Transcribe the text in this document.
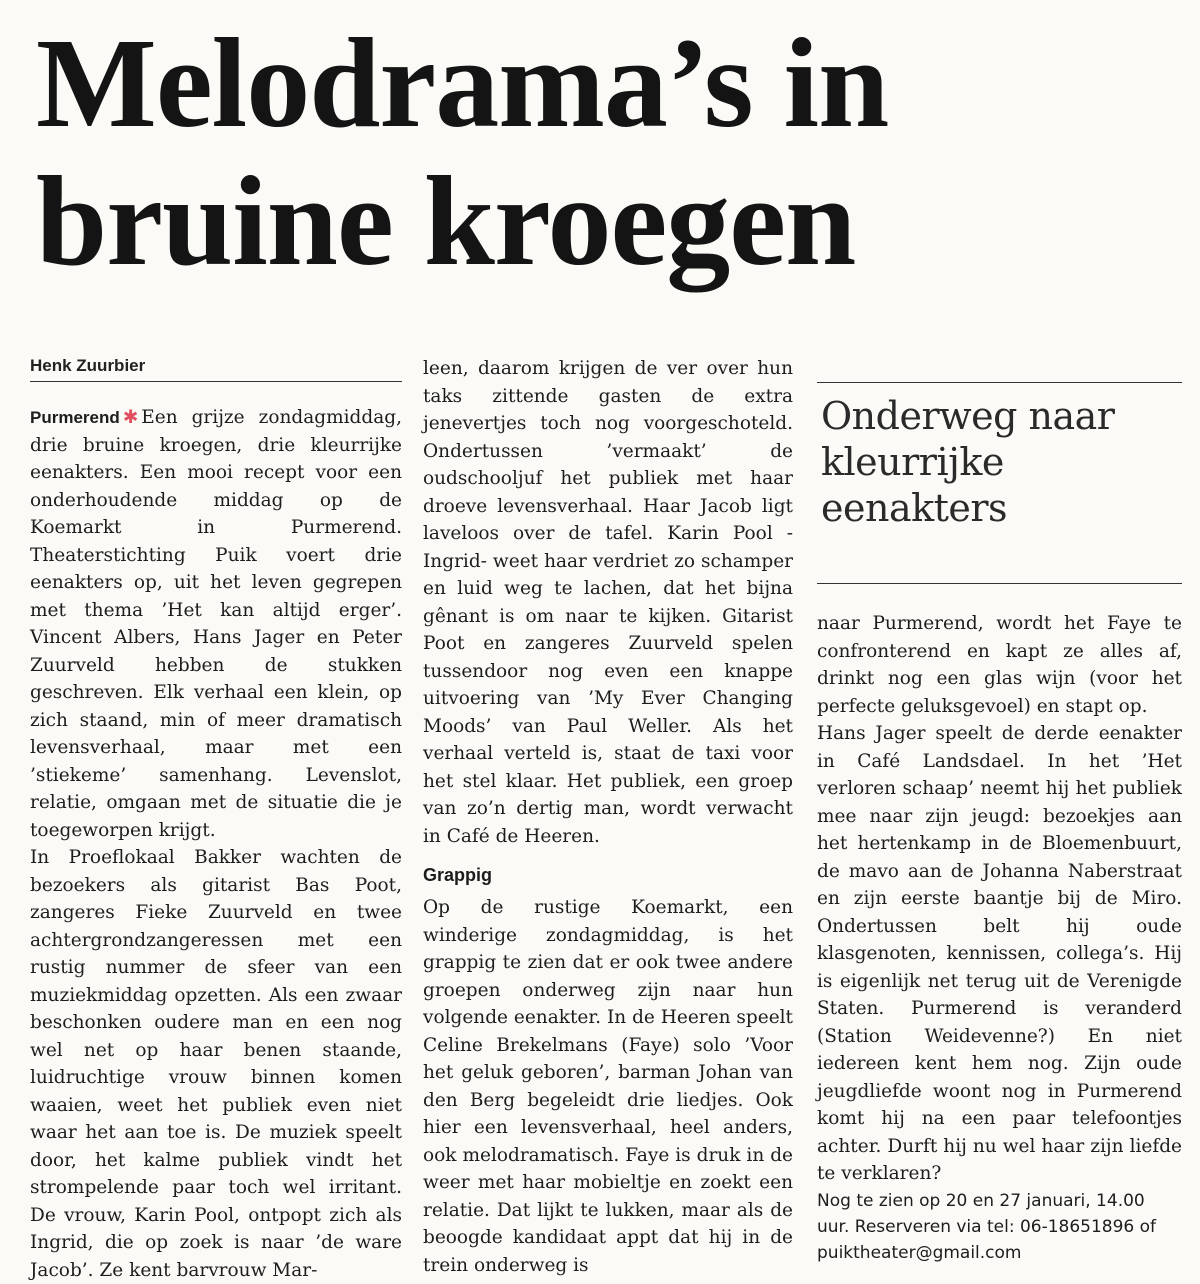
Melodrama’s in bruine kroegen
Henk Zuurbier

Purmerend ✱ Een grijze zondagmiddag, drie bruine kroegen, drie kleurrijke eenakters. Een mooi recept voor een onderhoudende middag op de Koemarkt in Purmerend. Theaterstichting Puik voert drie eenakters op, uit het leven gegrepen met thema ’Het kan altijd erger’. Vincent Albers, Hans Jager en Peter Zuurveld hebben de stukken geschreven. Elk verhaal een klein, op zich staand, min of meer dramatisch levensverhaal, maar met een ’stiekeme’ samenhang. Levenslot, relatie, omgaan met de situatie die je toegeworpen krijgt.

In Proeflokaal Bakker wachten de bezoekers als gitarist Bas Poot, zangeres Fieke Zuurveld en twee achtergrondzangeressen met een rustig nummer de sfeer van een muziekmiddag opzetten. Als een zwaar beschonken oudere man en een nog wel net op haar benen staande, luidruchtige vrouw binnen komen waaien, weet het publiek even niet waar het aan toe is. De muziek speelt door, het kalme publiek vindt het strompelende paar toch wel irritant. De vrouw, Karin Pool, ontpopt zich als Ingrid, die op zoek is naar ’de ware Jacob’. Ze kent barvrouw Mar-

leen, daarom krijgen de ver over hun taks zittende gasten de extra jenevertjes toch nog voorgeschoteld. Ondertussen ’vermaakt’ de oudschooljuf het publiek met haar droeve levensverhaal. Haar Jacob ligt laveloos over de tafel. Karin Pool -Ingrid- weet haar verdriet zo schamper en luid weg te lachen, dat het bijna gênant is om naar te kijken. Gitarist Poot en zangeres Zuurveld spelen tussendoor nog even een knappe uitvoering van ’My Ever Changing Moods’ van Paul Weller. Als het verhaal verteld is, staat de taxi voor het stel klaar. Het publiek, een groep van zo’n dertig man, wordt verwacht in Café de Heeren.

Grappig

Op de rustige Koemarkt, een winderige zondagmiddag, is het grappig te zien dat er ook twee andere groepen onderweg zijn naar hun volgende eenakter. In de Heeren speelt Celine Brekelmans (Faye) solo ’Voor het geluk geboren’, barman Johan van den Berg begeleidt drie liedjes. Ook hier een levensverhaal, heel anders, ook melodramatisch. Faye is druk in de weer met haar mobieltje en zoekt een relatie. Dat lijkt te lukken, maar als de beoogde kandidaat appt dat hij in de trein onderweg is

Onderweg naar kleurrijke eenakters

naar Purmerend, wordt het Faye te confronterend en kapt ze alles af, drinkt nog een glas wijn (voor het perfecte geluksgevoel) en stapt op.

Hans Jager speelt de derde eenakter in Café Landsdael. In het ’Het verloren schaap’ neemt hij het publiek mee naar zijn jeugd: bezoekjes aan het hertenkamp in de Bloemenbuurt, de mavo aan de Johanna Naberstraat en zijn eerste baantje bij de Miro. Ondertussen belt hij oude klasgenoten, kennissen, collega’s. Hij is eigenlijk net terug uit de Verenigde Staten. Purmerend is veranderd (Station Weidevenne?) En niet iedereen kent hem nog. Zijn oude jeugdliefde woont nog in Purmerend komt hij na een paar telefoontjes achter. Durft hij nu wel haar zijn liefde te verklaren?

Nog te zien op 20 en 27 januari, 14.00 uur. Reserveren via tel: 06-18651896 of puiktheater@gmail.com
